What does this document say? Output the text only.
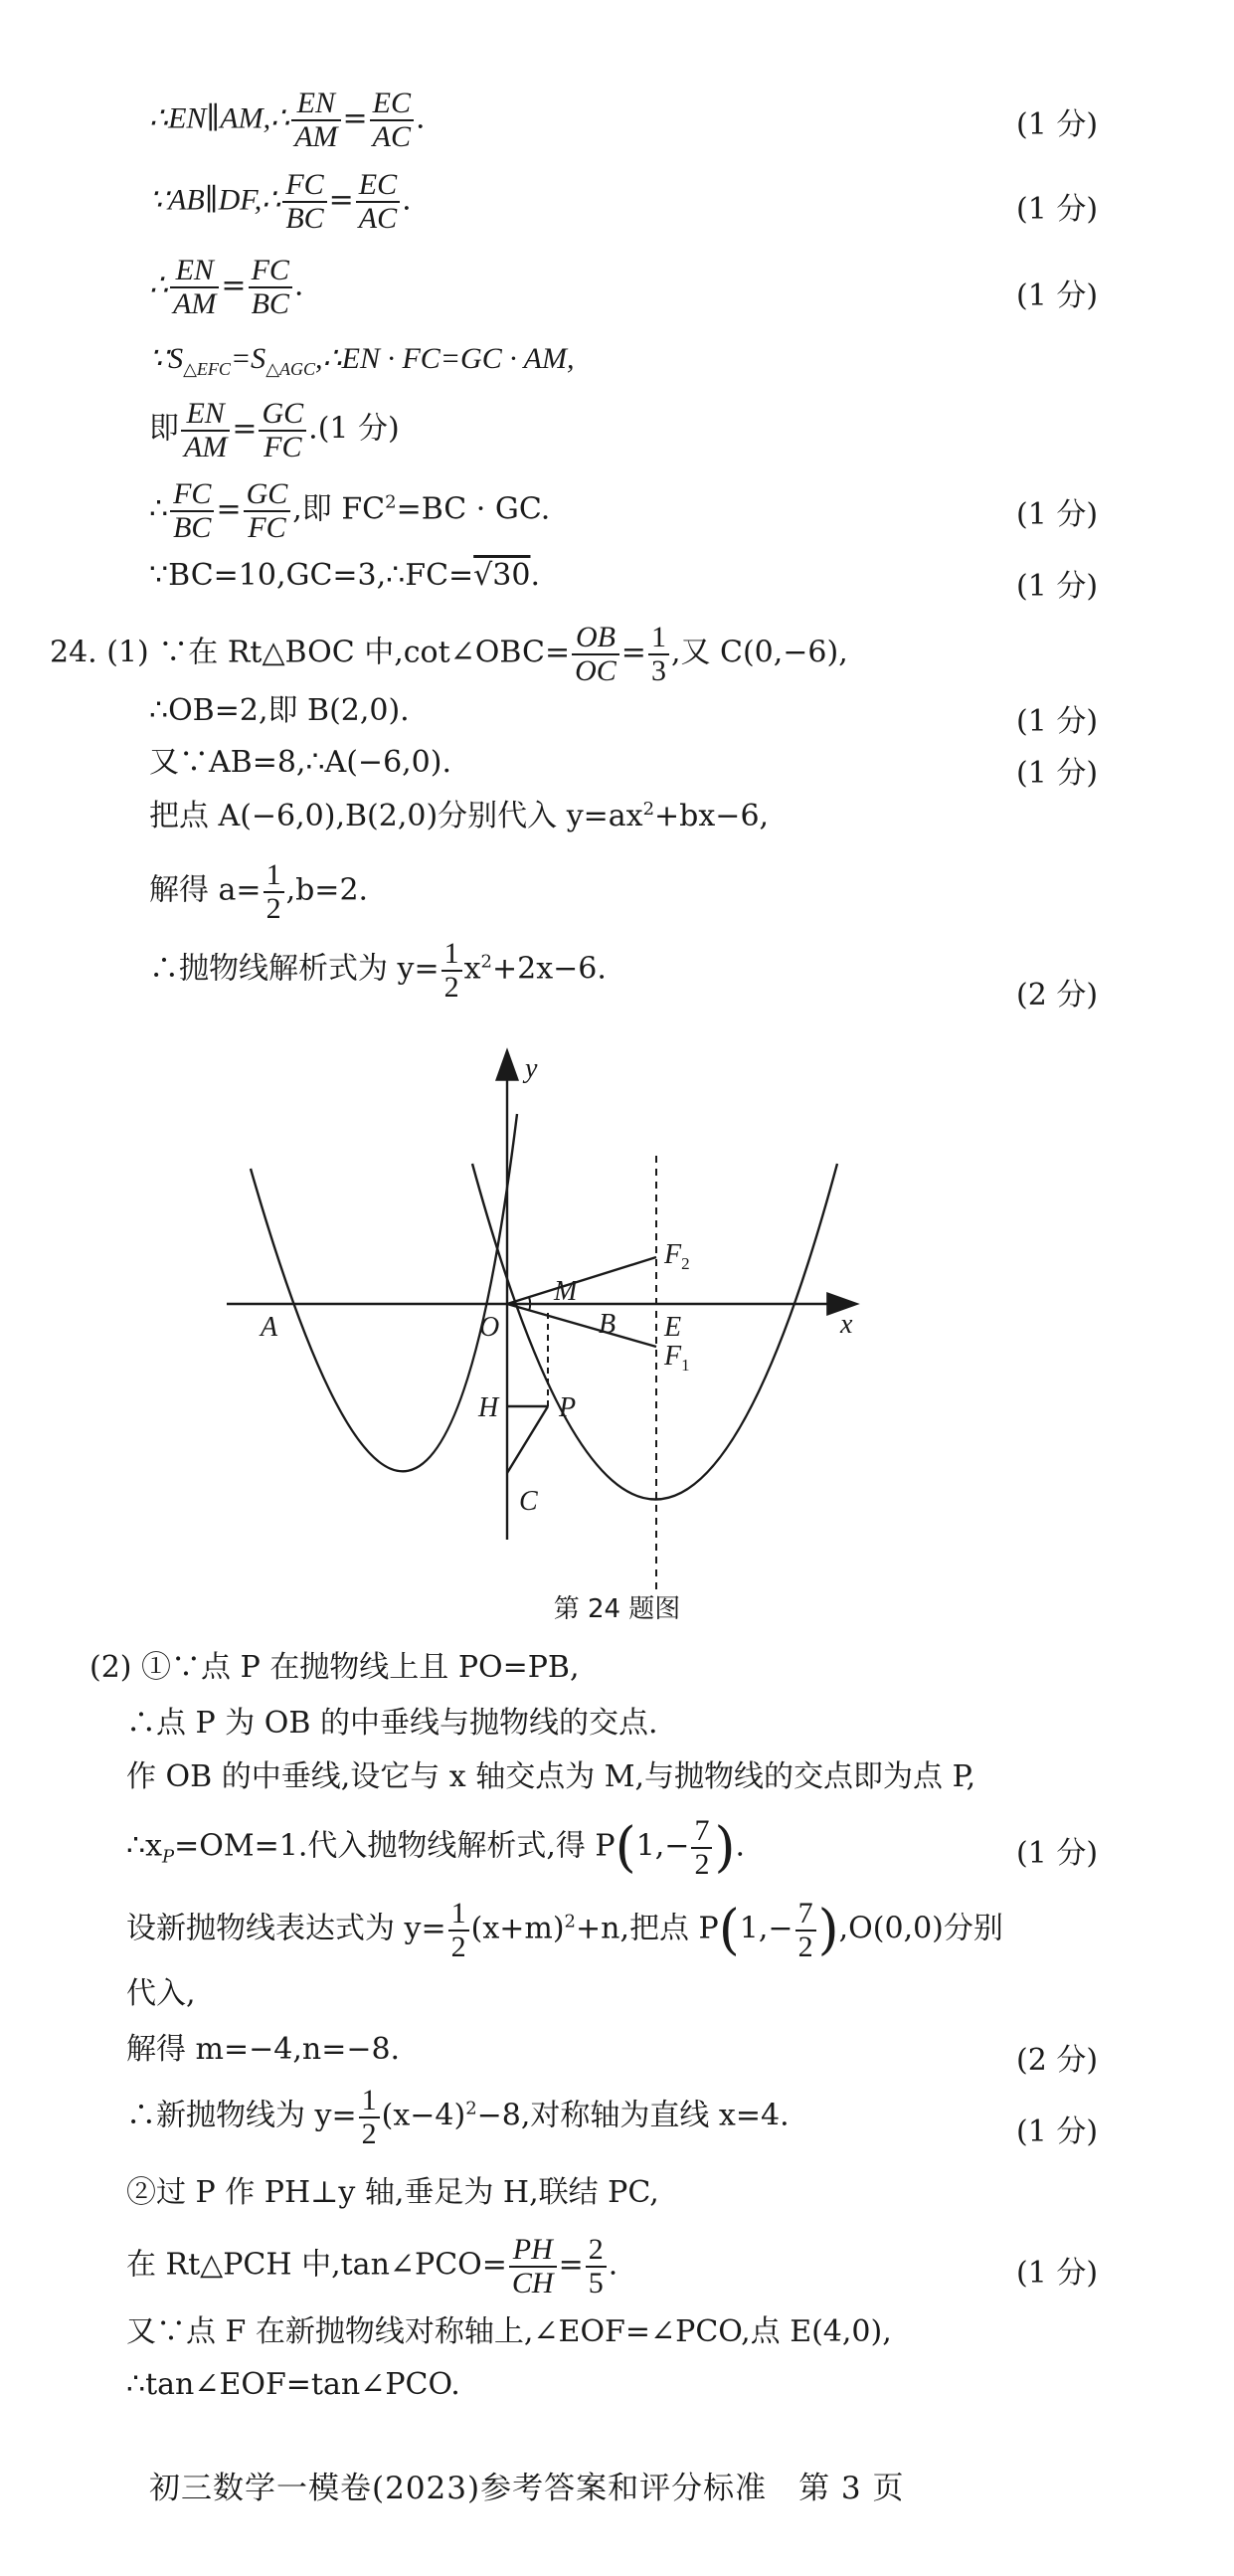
∴EN∥AM,∴ $\frac{EN}{AM} = \frac{EC}{AC}$ .	(1 分)
∵AB∥DF,∴ $\frac{FC}{BC} = \frac{EC}{AC}$ .	(1 分)
∴ $\frac{EN}{AM} = \frac{FC}{BC}$ .	(1 分)
$\because S_{\triangle EFC}=S_{\triangle AGC},\therefore EN \cdot FC=GC$ · AM,
即 $\frac{EN}{AM} = \frac{GC}{FC} .(1$ 分)
∴ $\frac{FC}{BC} = \frac{GC}{FC}$ ,即 $FC^2=BC$ · GC.	(1 分)
∵BC=10,GC=3,∴FC=√30.	(1 分)
24. (1) ∵在 Rt△BOC 中,cot∠OBC= $\frac{OB}{OC} = \frac{1}{3}$ ,又 C(0,−6),
∴OB=2,即 B(2,0).	(1 分)
又∵AB=8,∴A(−6,0).	(1 分)
把点 A(−6,0),B(2,0)分别代入 $y=ax^2+bx-6$,
解得 $a= \frac{1}{2} ,b=2$.
∴抛物线解析式为 $y= \frac{1}{2} x^2+2x-6$.
(2 分)
y
x
A	O
M
B E
$F_2$
$F_1$
H P
C
第 24 题图
(2) ①∵点 P 在抛物线上且 PO=PB,
∴点 P 为 OB 的中垂线与抛物线的交点.
作 OB 的中垂线,设它与 x 轴交点为 M,与抛物线的交点即为点 P,
$\therefore x_P=OM=1$.代入抛物线解析式,得 $P(1,- \frac{7}{2}$ ).	(1 分)
设新抛物线表达式为 $y= \frac{1}{2} (x+m)^2+n$,把点 $P(1,- \frac{7}{2} ),O(0,0)$分别
代入,
解得 m=−4,n=−8.	(2 分)
∴新抛物线为 $y= \frac{1}{2} (x-4)^2-8$,对称轴为直线 x=4.	(1 分)
②过 P 作 PH⊥y 轴,垂足为 H,联结 PC,
在 Rt△PCH 中,tan∠PCO= $\frac{PH}{CH} = \frac{2}{5}$ .	(1 分)
又∵点 F 在新抛物线对称轴上,∠EOF=∠PCO,点 E(4,0),
∴tan∠EOF=tan∠PCO.
初三数学一模卷(2023)参考答案和评分标准　第 3 页
